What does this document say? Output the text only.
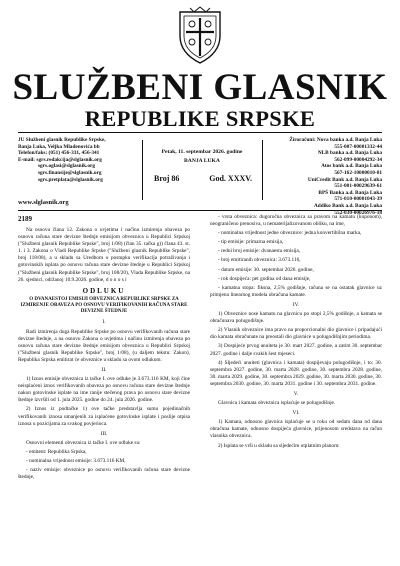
SLUŽBENI GLASNIK
REPUBLIKE SRPSKE
JU Službeni glasnik Republike Srpske,
Banja Luka, Veljka Mlađenovića bb
Telefon/faks: (051) 456-331, 456-341
E-mail: sgrs.redakcija@slglasnik.org
sgrs.oglasi@slglasnik.org
sgrs.finansije@slglasnik.org
sgrs.pretplata@slglasnik.org
www.slglasnik.org
Petak, 11. septembar 2026. godine
BANJA LUKA
Broj 86	God. XXXV.
Žiroračuni: Nova banka a.d. Banja Luka
555-007-00001332-44
NLB banka a.d. Banja Luka
562-099-00004292-34
Atos bank a.d. Banja Luka
567-162-10000010-81
UniCredit Bank a.d. Banja Luka
551-001-00029639-61
BPŠ Banka a.d. Banja Luka
571-010-00001043-39
Addiko Bank a.d. Banja Luka
552-030-00026976-18
2189
Na osnovu člana 12. Zakona o uvjetima i načinu izmirenja obaveza po osnovu računa stare devizne štednje emisijom obveznica u Republici Srpskoj ("Službeni glasnik Republike Srpske", broj 1/08) (član 35. tačka g)) člana 43. st. 1. i 3. Zakona o Vladi Republike Srpske ("Službeni glasnik Republike Srpske", broj 118/08), a u skladu sa Uredbom o postupku verifikacija potraživanja i gotovinskih isplata po osnovu računa stare devizne štednje u Republici Srpskoj ("Službeni glasnik Republike Srpske", broj 108/20), Vlada Republike Srpske, na 26. sjednici, održanoj 10.9.2026. godine, d o n o s i
ODLUKU
O DVANAESTOJ EMISIJI OBVEZNICA REPUBLIKE SRPSKE ZA IZMIRENJE OBAVEZA PO OSNOVU VERIFIKOVANIH RAČUNA STARE DEVIZNE ŠTEDNJE
I.
Radi izmirenja duga Republike Srpske po osnovu verifikovanih računa stare devizne štednje, a na osnovu Zakona o uvjetima i načinu izmirenja obaveza po osnovu računa stare devizne štednje emisijom obveznica u Republici Srpskoj ("Službeni glasnik Republike Srpske", broj 1/08), (u daljem tekstu: Zakon), Republika Srpska emitirat će obveznice u skladu sa ovom odlukom.
II.
1) Iznos emisije obveznica iz tačke I. ove odluke je 3.673.116 KM, koji čine neisplaćeni iznos verifikovanih obaveza po osnovu računa stare devizne štednje nakon gotovinske isplate na ime ranije stečenog prava po osnovu stare devizne štednje izvršili od 1. jula 2025. godine do 24. jula 2026. godine.
2) Iznos iz podtačke 1) ove tačke predstavlja sumu pojedinačnih verifikovanih iznosa umanjenih za isplaćene gotovinske isplate i poslije otpisa iznosa u pozicijama za svakog povjerioca.
III.
Osnovni elementi obveznica iz tačke I. ove odluke su:
- emitent: Republika Srpska,
- nominalna vrijednost emisije: 3.673.116 KM,
- naziv emisije: obveznice po osnovu verifikovanih računa stare devizne štednje,
- vrsta obveznica: dugoročna obveznica sa pravom na kamatu (kuponom), neograničeno prenosiva, u nematerijalizovanom obliku, na ime,
- nominalna vrijednost jedne obveznice: jedna konvertibilna marka,
- tip emisije: primarna emisija,
- redni broj emisije: dvanaesta emisija,
- broj emitiranih obveznica: 3.673.116,
- datum emisije: 30. septembar 2026. godine,
- rok dospijeća: pet godina od dana emisije,
- kamatna stopa: fiksna, 2,5% godišnje, računa se na ostatak glavnice uz primjenu linearnog modela obračuna kamate.
IV.
1) Obveznice nose kamatu na glavnicu po stopi 2,5% godišnje, a kamata se obračunava polugodišnje.
2) Vlasnik obveznice ima pravo na proporcionalni dio glavnice i pripadajući dio kamata obračunate na preostali dio glavnice u polugodišnjim periodima.
3) Dospijeće prvog anuiteta je 30. mart 2027. godine, a zatim 30. septembar 2027. godine i dalje svakih šest mjeseci.
4) Sljedeći anuiteti (glavnica i kamata) dospijevaju polugodišnje, i to: 30. septembra 2027. godine, 30. marta 2028. godine, 30. septembra 2028. godine, 30. marta 2029. godine, 30. septembra 2029. godine, 30. marta 2030. godine, 30. septembra 2030. godine, 30. marta 2031. godine i 30. septembra 2031. godine.
V.
Glavnica i kamata obveznica isplaćuje se polugodišnje.
VI.
1) Kamata, odnosno glavnica isplaćuje se u roku od sedam dana od dana obračuna kamate, odnosno dospijeća glavnice, prijenosom sredstava na račun vlasnika obveznica.
2) Isplata se vrši u skladu sa sljedećim otplatnim planom:
